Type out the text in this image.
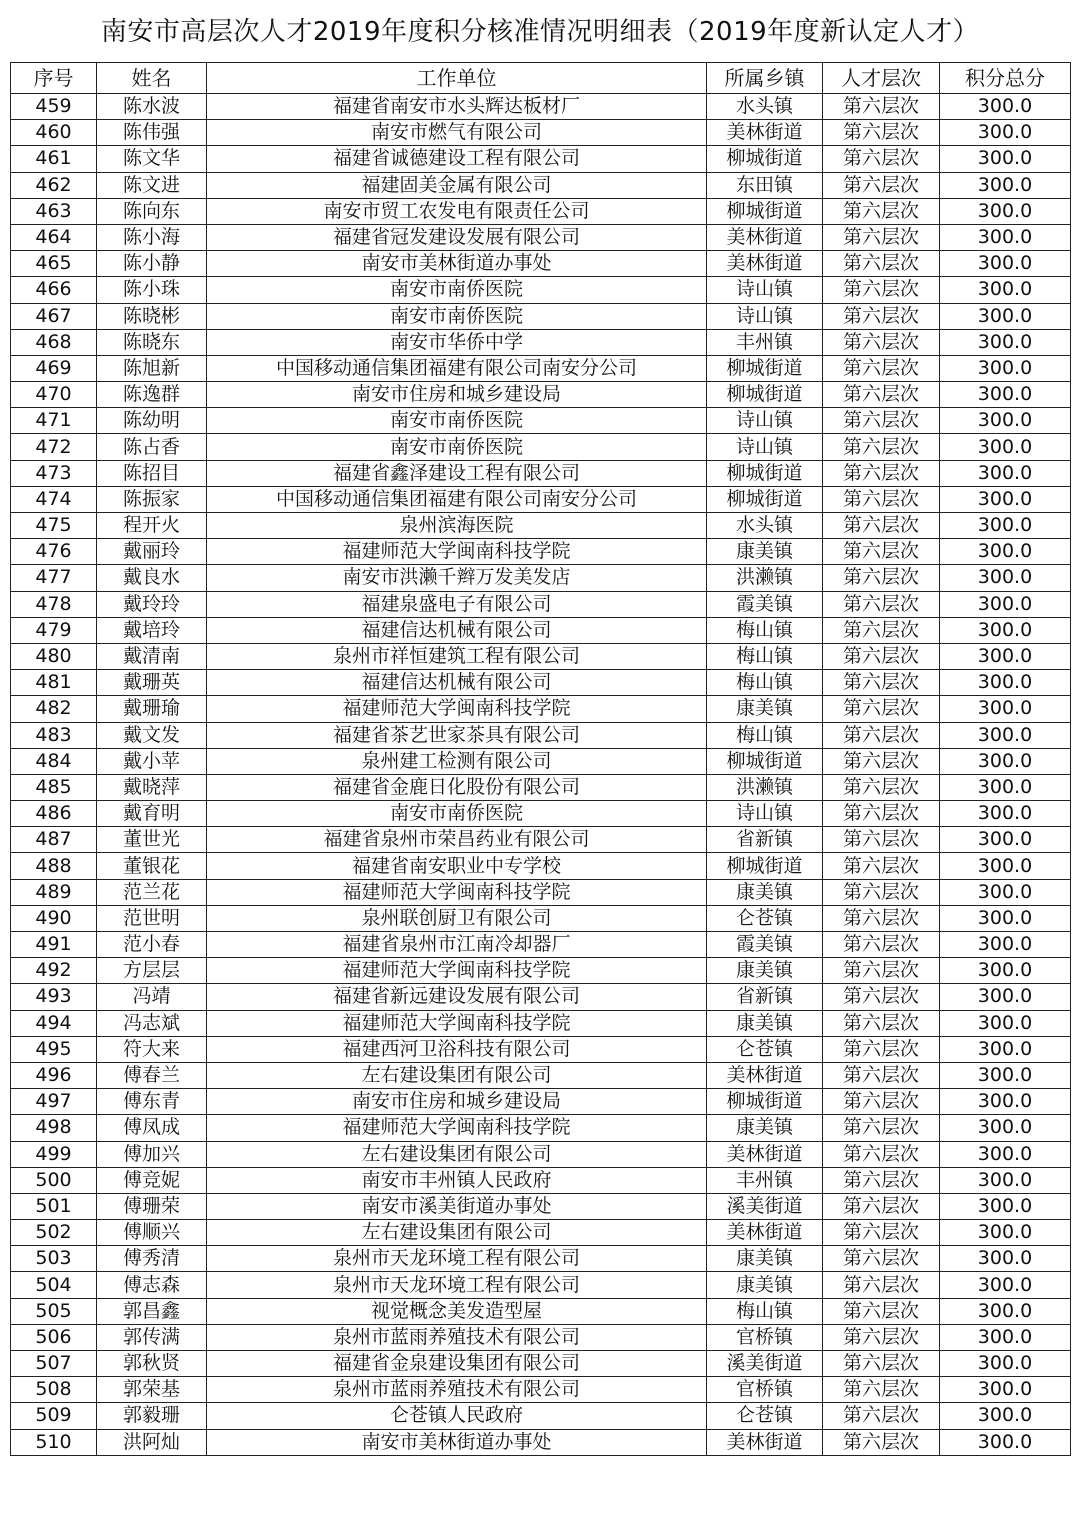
南安市高层次人才2019年度积分核准情况明细表（2019年度新认定人才）
序号	姓名	工作单位	所属乡镇	人才层次	积分总分
459	陈水波	福建省南安市水头辉达板材厂	水头镇	第六层次	300.0
460	陈伟强	南安市燃气有限公司	美林街道	第六层次	300.0
461	陈文华	福建省诚德建设工程有限公司	柳城街道	第六层次	300.0
462	陈文进	福建固美金属有限公司	东田镇	第六层次	300.0
463	陈向东	南安市贸工农发电有限责任公司	柳城街道	第六层次	300.0
464	陈小海	福建省冠发建设发展有限公司	美林街道	第六层次	300.0
465	陈小静	南安市美林街道办事处	美林街道	第六层次	300.0
466	陈小珠	南安市南侨医院	诗山镇	第六层次	300.0
467	陈晓彬	南安市南侨医院	诗山镇	第六层次	300.0
468	陈晓东	南安市华侨中学	丰州镇	第六层次	300.0
469	陈旭新	中国移动通信集团福建有限公司南安分公司	柳城街道	第六层次	300.0
470	陈逸群	南安市住房和城乡建设局	柳城街道	第六层次	300.0
471	陈幼明	南安市南侨医院	诗山镇	第六层次	300.0
472	陈占香	南安市南侨医院	诗山镇	第六层次	300.0
473	陈招目	福建省鑫泽建设工程有限公司	柳城街道	第六层次	300.0
474	陈振家	中国移动通信集团福建有限公司南安分公司	柳城街道	第六层次	300.0
475	程开火	泉州滨海医院	水头镇	第六层次	300.0
476	戴丽玲	福建师范大学闽南科技学院	康美镇	第六层次	300.0
477	戴良水	南安市洪濑千辫万发美发店	洪濑镇	第六层次	300.0
478	戴玲玲	福建泉盛电子有限公司	霞美镇	第六层次	300.0
479	戴培玲	福建信达机械有限公司	梅山镇	第六层次	300.0
480	戴清南	泉州市祥恒建筑工程有限公司	梅山镇	第六层次	300.0
481	戴珊英	福建信达机械有限公司	梅山镇	第六层次	300.0
482	戴珊瑜	福建师范大学闽南科技学院	康美镇	第六层次	300.0
483	戴文发	福建省茶艺世家茶具有限公司	梅山镇	第六层次	300.0
484	戴小苹	泉州建工检测有限公司	柳城街道	第六层次	300.0
485	戴晓萍	福建省金鹿日化股份有限公司	洪濑镇	第六层次	300.0
486	戴育明	南安市南侨医院	诗山镇	第六层次	300.0
487	董世光	福建省泉州市荣昌药业有限公司	省新镇	第六层次	300.0
488	董银花	福建省南安职业中专学校	柳城街道	第六层次	300.0
489	范兰花	福建师范大学闽南科技学院	康美镇	第六层次	300.0
490	范世明	泉州联创厨卫有限公司	仑苍镇	第六层次	300.0
491	范小春	福建省泉州市江南冷却器厂	霞美镇	第六层次	300.0
492	方层层	福建师范大学闽南科技学院	康美镇	第六层次	300.0
493	冯靖	福建省新远建设发展有限公司	省新镇	第六层次	300.0
494	冯志斌	福建师范大学闽南科技学院	康美镇	第六层次	300.0
495	符大来	福建西河卫浴科技有限公司	仑苍镇	第六层次	300.0
496	傅春兰	左右建设集团有限公司	美林街道	第六层次	300.0
497	傅东青	南安市住房和城乡建设局	柳城街道	第六层次	300.0
498	傅凤成	福建师范大学闽南科技学院	康美镇	第六层次	300.0
499	傅加兴	左右建设集团有限公司	美林街道	第六层次	300.0
500	傅竞妮	南安市丰州镇人民政府	丰州镇	第六层次	300.0
501	傅珊荣	南安市溪美街道办事处	溪美街道	第六层次	300.0
502	傅顺兴	左右建设集团有限公司	美林街道	第六层次	300.0
503	傅秀清	泉州市天龙环境工程有限公司	康美镇	第六层次	300.0
504	傅志森	泉州市天龙环境工程有限公司	康美镇	第六层次	300.0
505	郭昌鑫	视觉概念美发造型屋	梅山镇	第六层次	300.0
506	郭传满	泉州市蓝雨养殖技术有限公司	官桥镇	第六层次	300.0
507	郭秋贤	福建省金泉建设集团有限公司	溪美街道	第六层次	300.0
508	郭荣基	泉州市蓝雨养殖技术有限公司	官桥镇	第六层次	300.0
509	郭毅珊	仑苍镇人民政府	仑苍镇	第六层次	300.0
510	洪阿灿	南安市美林街道办事处	美林街道	第六层次	300.0
